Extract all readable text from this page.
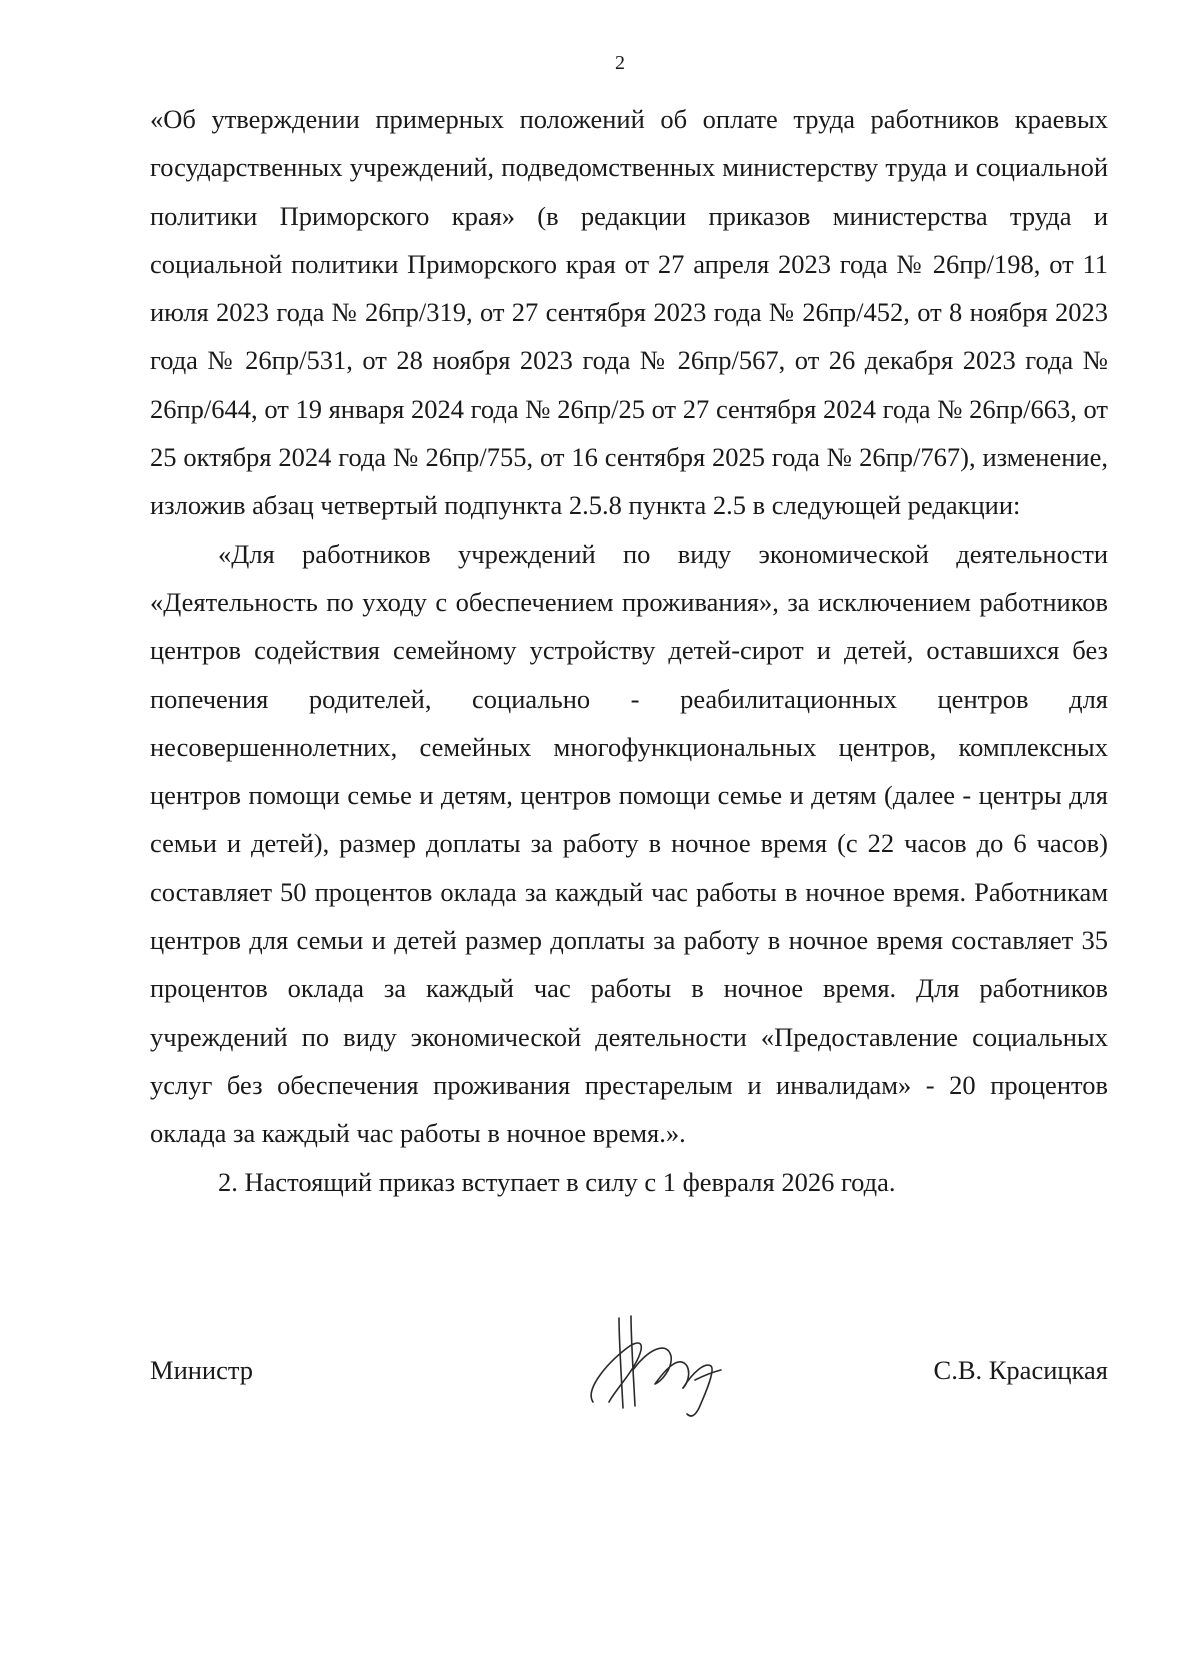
2

«Об утверждении примерных положений об оплате труда работников краевых государственных учреждений, подведомственных министерству труда и социальной политики Приморского края» (в редакции приказов министерства труда и социальной политики Приморского края от 27 апреля 2023 года № 26пр/198, от 11 июля 2023 года № 26пр/319, от 27 сентября 2023 года № 26пр/452, от 8 ноября 2023 года № 26пр/531, от 28 ноября 2023 года № 26пр/567, от 26 декабря 2023 года № 26пр/644, от 19 января 2024 года № 26пр/25 от 27 сентября 2024 года № 26пр/663, от 25 октября 2024 года № 26пр/755, от 16 сентября 2025 года № 26пр/767), изменение, изложив абзац четвертый подпункта 2.5.8 пункта 2.5 в следующей редакции:

«Для работников учреждений по виду экономической деятельности «Деятельность по уходу с обеспечением проживания», за исключением работников центров содействия семейному устройству детей-сирот и детей, оставшихся без попечения родителей, социально - реабилитационных центров для несовершеннолетних, семейных многофункциональных центров, комплексных центров помощи семье и детям, центров помощи семье и детям (далее - центры для семьи и детей), размер доплаты за работу в ночное время (с 22 часов до 6 часов) составляет 50 процентов оклада за каждый час работы в ночное время. Работникам центров для семьи и детей размер доплаты за работу в ночное время составляет 35 процентов оклада за каждый час работы в ночное время. Для работников учреждений по виду экономической деятельности «Предоставление социальных услуг без обеспечения проживания престарелым и инвалидам» - 20 процентов оклада за каждый час работы в ночное время.».

2. Настоящий приказ вступает в силу с 1 февраля 2026 года.

Министр	С.В. Красицкая
